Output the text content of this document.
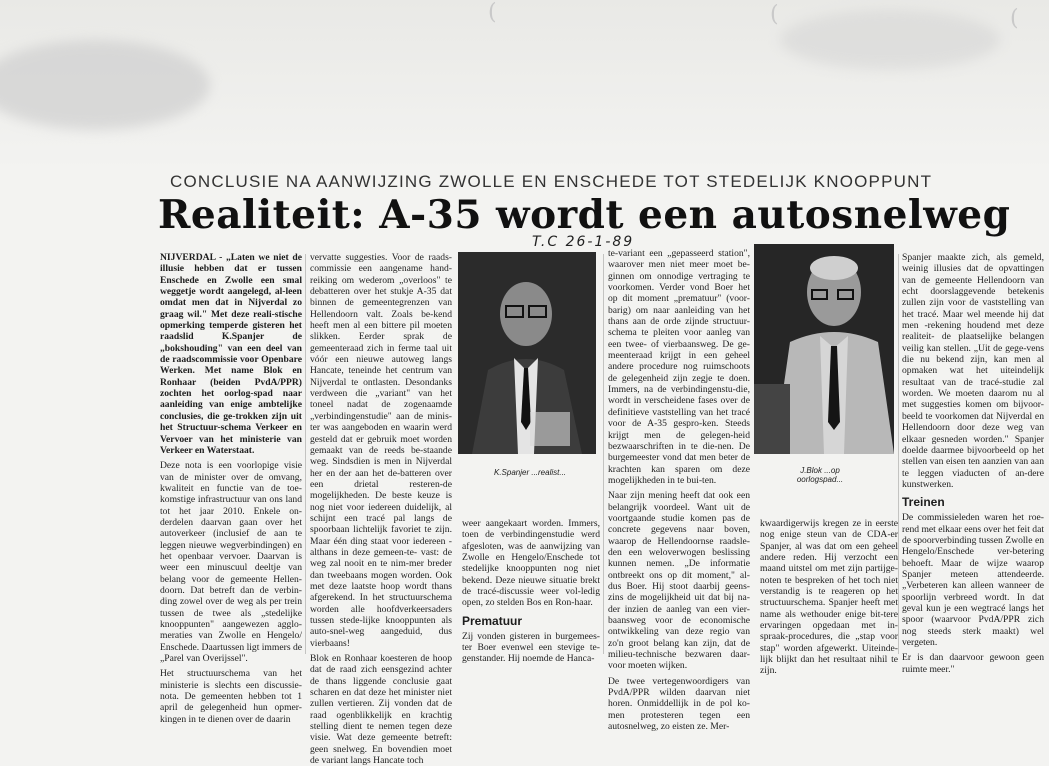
(	(	(
CONCLUSIE NA AANWIJZING ZWOLLE EN ENSCHEDE TOT STEDELIJK KNOOPPUNT
Realiteit: A-35 wordt een autosnelweg
T.C 26-1-89

NIJVERDAL - „Laten we niet de illusie hebben dat er tussen Enschede en Zwolle een smal weggetje wordt aangelegd, al-leen omdat men dat in Nijverdal zo graag wil." Met deze reali-stische opmerking temperde gisteren het raadslid K.Spanjer de „bokshouding" van een deel van de raadscommissie voor Openbare Werken. Met name Blok en Ronhaar (beiden PvdA/PPR) zochten het oorlog-spad naar aanleiding van enige ambtelijke conclusies, die ge-trokken zijn uit het Structuur-schema Verkeer en Vervoer van het ministerie van Verkeer en Waterstaat.

Deze nota is een voorlopige visie van de minister over de omvang, kwaliteit en functie van de toe-komstige infrastructuur van ons land tot het jaar 2010. Enkele on-derdelen daarvan gaan over het autoverkeer (inclusief de aan te leggen nieuwe wegverbindingen) en het openbaar vervoer. Daarvan is weer een minuscuul deeltje van belang voor de gemeente Hellen-doorn. Dat betreft dan de verbin-ding zowel over de weg als per trein tussen de twee als „stedelijke knooppunten" aangewezen agglo-meraties van Zwolle en Hengelo/ Enschede. Daartussen ligt immers de „Parel van Overijssel".

Het structuurschema van het ministerie is slechts een discussie-nota. De gemeenten hebben tot 1 april de gelegenheid hun opmer-kingen in te dienen over de daarin

vervatte suggesties. Voor de raads-commissie een aangename hand-reiking om wederom „overloos" te debatteren over het stukje A-35 dat binnen de gemeentegrenzen van Hellendoorn valt. Zoals be-kend heeft men al een bittere pil moeten slikken. Eerder sprak de gemeenteraad zich in ferme taal uit vóór een nieuwe autoweg langs Hancate, teneinde het centrum van Nijverdal te ontlasten. Desondanks verdween die „variant" van het toneel nadat de zogenaamde „verbindingenstudie" aan de minis-ter was aangeboden en waarin werd gesteld dat er gebruik moet worden gemaakt van de reeds be-staande weg. Sindsdien is men in Nijverdal her en der aan het de-batteren over een drietal resteren-de mogelijkheden. De beste keuze is nog niet voor iedereen duidelijk, al schijnt een tracé pal langs de spoorbaan lichtelijk favoriet te zijn. Maar één ding staat voor iedereen -althans in deze gemeen-te- vast: de weg zal nooit en te nim-mer breder dan tweebaans mogen worden. Ook met deze laatste hoop wordt thans afgerekend. In het structuurschema worden alle hoofdverkeersaders tussen stede-lijke knooppunten als auto-snel-weg aangeduid, dus vierbaans!

Blok en Ronhaar koesteren de hoop dat de raad zich eensgezind achter de thans liggende conclusie gaat scharen en dat deze het minister niet zullen vertieren. Zij vonden dat de raad ogenblikkelijk en krachtig stelling dient te nemen tegen deze visie. Wat deze gemeente betreft: geen snelweg. En bovendien moet de variant langs Hancate toch

K.Spanjer ...realist...

weer aangekaart worden. Immers, toen de verbindingenstudie werd afgesloten, was de aanwijzing van Zwolle en Hengelo/Enschede tot stedelijke knooppunten nog niet bekend. Deze nieuwe situatie brekt de tracé-discussie weer vol-ledig open, zo stelden Bos en Ron-haar.

Prematuur

Zij vonden gisteren in burgemees-ter Boer evenwel een stevige te-genstander. Hij noemde de Hanca-

te-variant een „gepasseerd station", waarover men niet meer moet be-ginnen om onnodige vertraging te voorkomen. Verder vond Boer het op dit moment „prematuur" (voor-barig) om naar aanleiding van het thans aan de orde zijnde structuur-schema te pleiten voor aanleg van een twee- of vierbaansweg. De ge-meenteraad krijgt in een geheel andere procedure nog ruimschoots de gelegenheid zijn zegje te doen. Immers, na de verbindingenstu-die, wordt in verscheidene fases over de definitieve vaststelling van het tracé voor de A-35 gespro-ken. Steeds krijgt men de gelegen-heid bezwaarschriften in te die-nen. De burgemeester vond dat men beter de krachten kan sparen om deze mogelijkheden in te bui-ten.

Naar zijn mening heeft dat ook een belangrijk voordeel. Want uit de voortgaande studie komen pas de concrete gegevens naar boven, waarop de Hellendoornse raadsle-den een weloverwogen beslissing kunnen nemen. „De informatie ontbreekt ons op dit moment," al-dus Boer. Hij stoot daarbij geens-zins de mogelijkheid uit dat bij na-der inzien de aanleg van een vier-baansweg voor de economische ontwikkeling van deze regio van zo'n groot belang kan zijn, dat de milieu-technische bezwaren daar-voor moeten wijken.

De twee vertegenwoordigers van PvdA/PPR wilden daarvan niet horen. Onmiddellijk in de pol ko-men protesteren tegen een autosnelweg, zo eisten ze. Mer-

J.Blok ...op oorlogspad...

kwaardigerwijs kregen ze in eerste nog enige steun van de CDA-er Spanjer, al was dat om een geheel andere reden. Hij verzocht een maand uitstel om met zijn partijge-noten te bespreken of het toch niet verstandig is te reageren op het structuurschema. Spanjer heeft met name als wethouder enige bit-tere ervaringen opgedaan met in-spraak-procedures, die „stap voor stap" worden afgewerkt. Uiteinde-lijk blijkt dan het resultaat nihil te zijn.

Spanjer maakte zich, als gemeld, weinig illusies dat de opvattingen van de gemeente Hellendoorn van echt doorslaggevende betekenis zullen zijn voor de vaststelling van het tracé. Maar wel meende hij dat men -rekening houdend met deze realiteit- de plaatselijke belangen veilig kan stellen. „Uit de gege-vens die nu bekend zijn, kan men al opmaken wat het uiteindelijk resultaat van de tracé-studie zal worden. We moeten daarom nu al met suggesties komen om bijvoor-beeld te voorkomen dat Nijverdal en Hellendoorn door deze weg van elkaar gesneden worden." Spanjer doelde daarmee bijvoorbeeld op het stellen van eisen ten aanzien van aan te leggen viaducten of an-dere kunstwerken.

Treinen

De commissieleden waren het roe-rend met elkaar eens over het feit dat de spoorverbinding tussen Zwolle en Hengelo/Enschede ver-betering behoeft. Maar de wijze waarop Spanjer meteen attendeerde. „Verbeteren kan alleen wanneer de spoorlijn verbreed wordt. In dat geval kun je een wegtracé langs het spoor (waarvoor PvdA/PPR zich nog steeds sterk maakt) wel vergeten.

Er is dan daarvoor gewoon geen ruimte meer."
